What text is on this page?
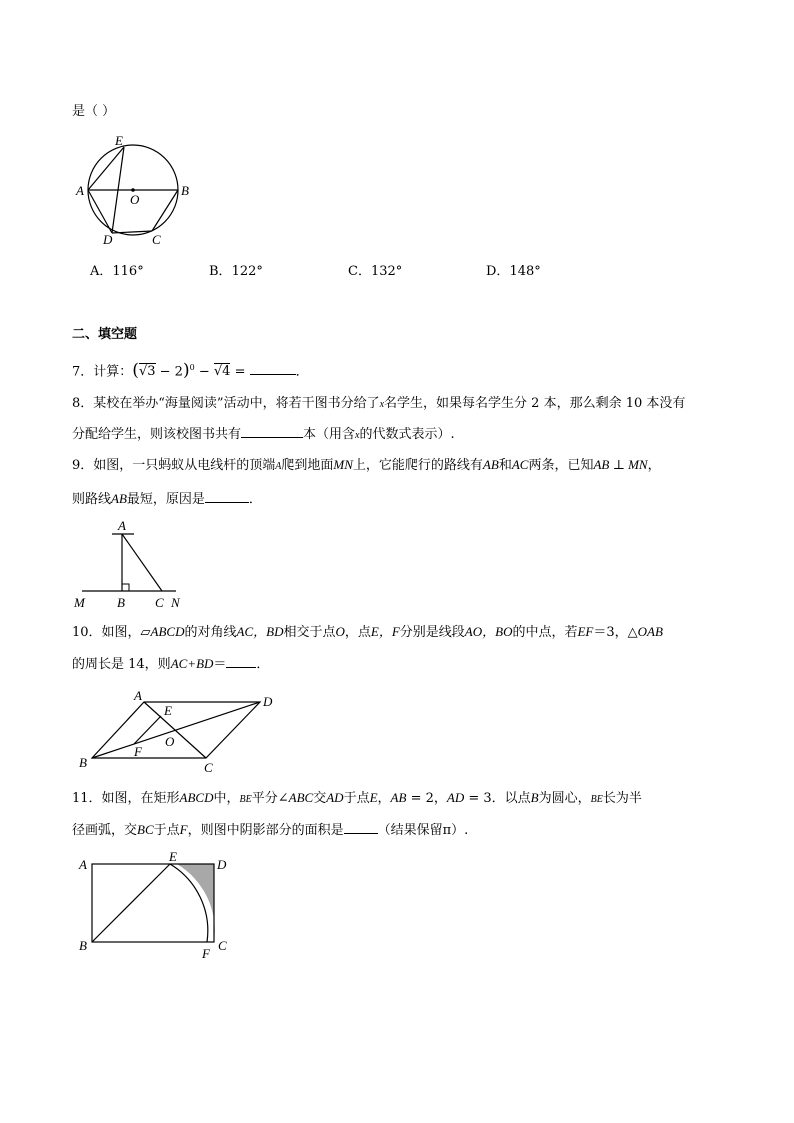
是（ ）
E
A
O
B
D	C
A．116°	B．122°	C．132°	D．148°
二、填空题
7．计算：$(√3 - 2)^0 - √4$ =	．
8．某校在举办“海量阅读”活动中，将若干图书分给了x名学生，如果每名学生分 2 本，那么剩余 10 本没有
分配给学生，则该校图书共有	本（用含x的代数式表示）.
9．如图，一只蚂蚁从电线杆的顶端A爬到地面MN上，它能爬行的路线有AB和AC两条，已知AB ⊥ MN，
则路线AB最短，原因是	．
A
M B C N
10．如图，▱ABCD的对角线AC，BD相交于点O，点E，F分别是线段AO，BO的中点，若EF＝3，△OAB
的周长是 14，则AC+BD＝ ．
A	D
E
O
F
B	C
11．如图，在矩形ABCD中，BE平分∠ABC交AD于点E，AB = 2，AD = 3．以点B为圆心，BE长为半
径画弧，交BC于点F，则图中阴影部分的面积是	（结果保留π）.
A
E
D
B
F
C
